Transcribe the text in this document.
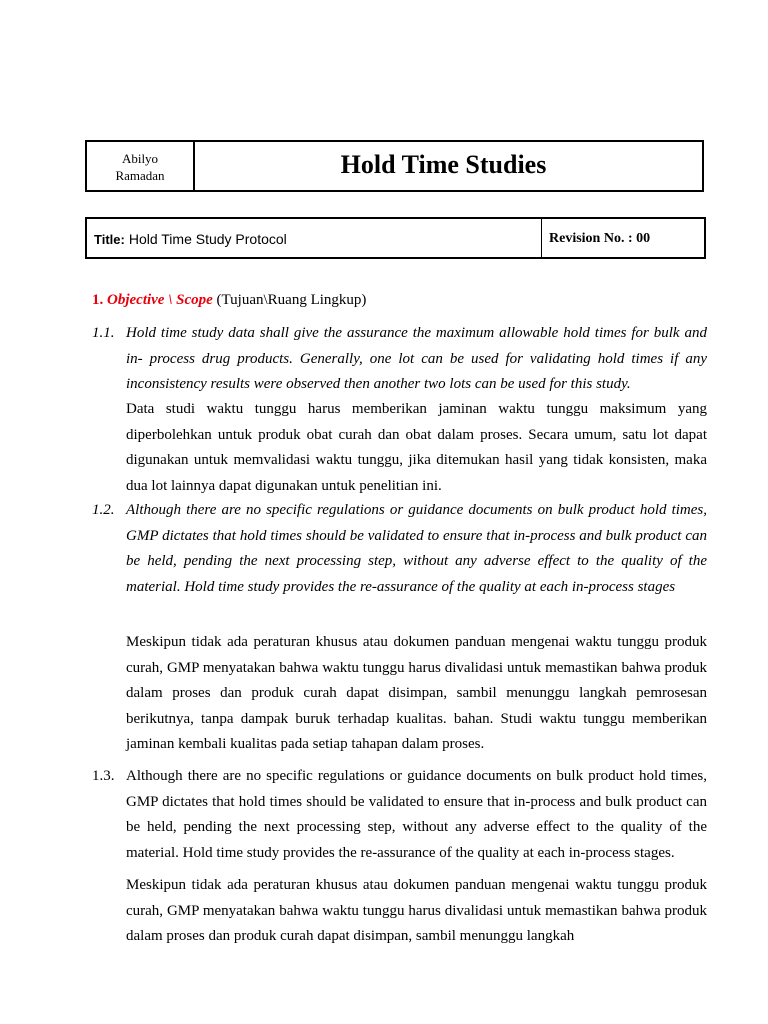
Abilyo
Ramadan	Hold Time Studies
Title: Hold Time Study Protocol	Revision No. : 00
1. Objective \ Scope (Tujuan\Ruang Lingkup)
1.1. Hold time study data shall give the assurance the maximum allowable hold times for bulk and in- process drug products. Generally, one lot can be used for validating hold times if any inconsistency results were observed then another two lots can be used for this study.

Data studi waktu tunggu harus memberikan jaminan waktu tunggu maksimum yang diperbolehkan untuk produk obat curah dan obat dalam proses. Secara umum, satu lot dapat digunakan untuk memvalidasi waktu tunggu, jika ditemukan hasil yang tidak konsisten, maka dua lot lainnya dapat digunakan untuk penelitian ini.

1.2. Although there are no specific regulations or guidance documents on bulk product hold times, GMP dictates that hold times should be validated to ensure that in-process and bulk product can be held, pending the next processing step, without any adverse effect to the quality of the material. Hold time study provides the re-assurance of the quality at each in-process stages

Meskipun tidak ada peraturan khusus atau dokumen panduan mengenai waktu tunggu produk curah, GMP menyatakan bahwa waktu tunggu harus divalidasi untuk memastikan bahwa produk dalam proses dan produk curah dapat disimpan, sambil menunggu langkah pemrosesan berikutnya, tanpa dampak buruk terhadap kualitas. bahan. Studi waktu tunggu memberikan jaminan kembali kualitas pada setiap tahapan dalam proses.

1.3. Although there are no specific regulations or guidance documents on bulk product hold times, GMP dictates that hold times should be validated to ensure that in-process and bulk product can be held, pending the next processing step, without any adverse effect to the quality of the material. Hold time study provides the re-assurance of the quality at each in-process stages.

Meskipun tidak ada peraturan khusus atau dokumen panduan mengenai waktu tunggu produk curah, GMP menyatakan bahwa waktu tunggu harus divalidasi untuk memastikan bahwa produk dalam proses dan produk curah dapat disimpan, sambil menunggu langkah
